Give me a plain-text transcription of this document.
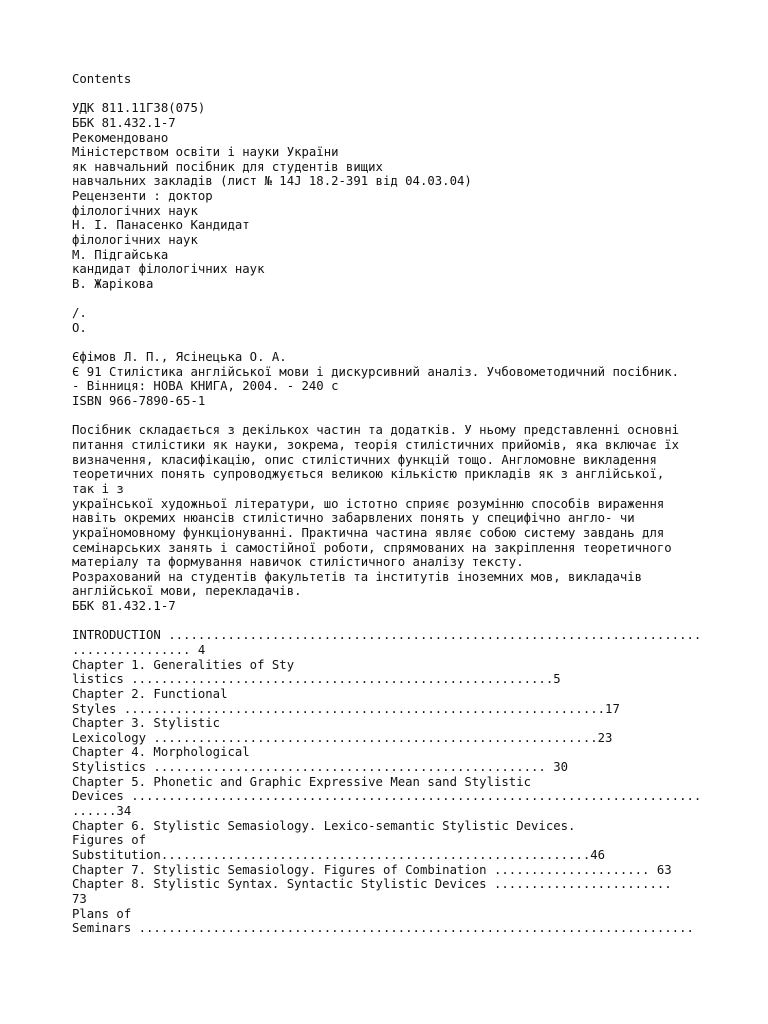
Contents

УДК 811.11Г38(075)
ББК 81.432.1-7
Рекомендовано
Міністерством освіти і науки України
як навчальний посібник для студентів вищих
навчальних закладів (лист № 14Ј 18.2-391 від 04.03.04)
Рецензенти : доктор
філологічних наук
Н. І. Панасенко Кандидат
філологічних наук
М. Підгайська
кандидат філологічних наук
В. Жарікова

/.
О.

Єфімов Л. П., Ясінецька О. А.
Є 91 Стилістика англійської мови і дискурсивний аналіз. Учбовометодичний посібник.
- Вінниця: НОВА КНИГА, 2004. - 240 с
ISBN 966-7890-65-1

Посібник складається з декількох частин та додатків. У ньому представленні основні
питання стилістики як науки, зокрема, теорія стилістичних прийомів, яка включає їх
визначення, класифікацію, опис стилістичних функцій тощо. Англомовне викладення
теоретичних понять супроводжується великою кількістю прикладів як з англійської,
так і з
української художньої літератури, шо істотно сприяє розумінню способів вираження
навіть окремих нюансів стилістично забарвлених понять у специфічно англо- чи
україномовному функціонуванні. Практична частина являє собою систему завдань для
семінарських занять і самостійної роботи, спрямованих на закріплення теоретичного
матеріалу та формування навичок стилістичного аналізу тексту.
Розрахований на студентів факультетів та інститутів іноземних мов, викладачів
англійської мови, перекладачів.
ББК 81.432.1-7

INTRODUCTION ........................................................................
................ 4
Chapter 1. Generalities of Sty
listics .........................................................5
Chapter 2. Functional
Styles .................................................................17
Chapter 3. Stylistic
Lexicology ............................................................23
Chapter 4. Morphological
Stylistics ..................................................... 30
Chapter 5. Phonetic and Graphic Expressive Mean sand Stylistic
Devices .............................................................................
......34
Chapter 6. Stylistic Semasiology. Lexico-semantic Stylistic Devices.
Figures of
Substitution..........................................................46
Chapter 7. Stylistic Semasiology. Figures of Combination ..................... 63
Chapter 8. Stylistic Syntax. Syntactic Stylistic Devices ........................
73
Plans of
Seminars ...........................................................................
